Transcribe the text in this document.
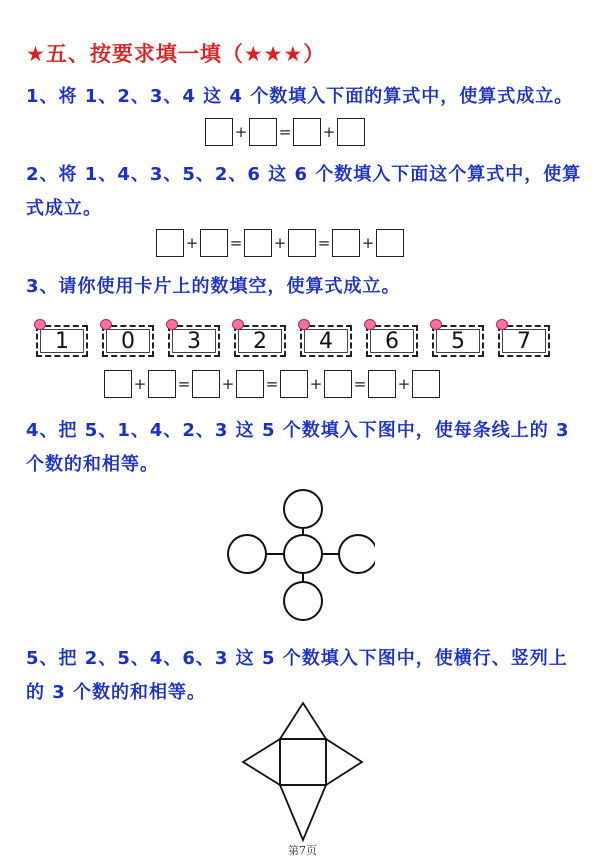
★五、按要求填一填（★★★）
1、将 1、2、3、4 这 4 个数填入下面的算式中，使算式成立。
+ = +
2、将 1、4、3、5、2、6 这 6 个数填入下面这个算式中，使算式成立。
+ = + = +
3、请你使用卡片上的数填空，使算式成立。
1 0 3 2 4 6 5 7
+ = + = + = +
4、把 5、1、4、2、3 这 5 个数填入下图中，使每条线上的 3 个数的和相等。
5、把 2、5、4、6、3 这 5 个数填入下图中，使横行、竖列上的 3 个数的和相等。
第7页
